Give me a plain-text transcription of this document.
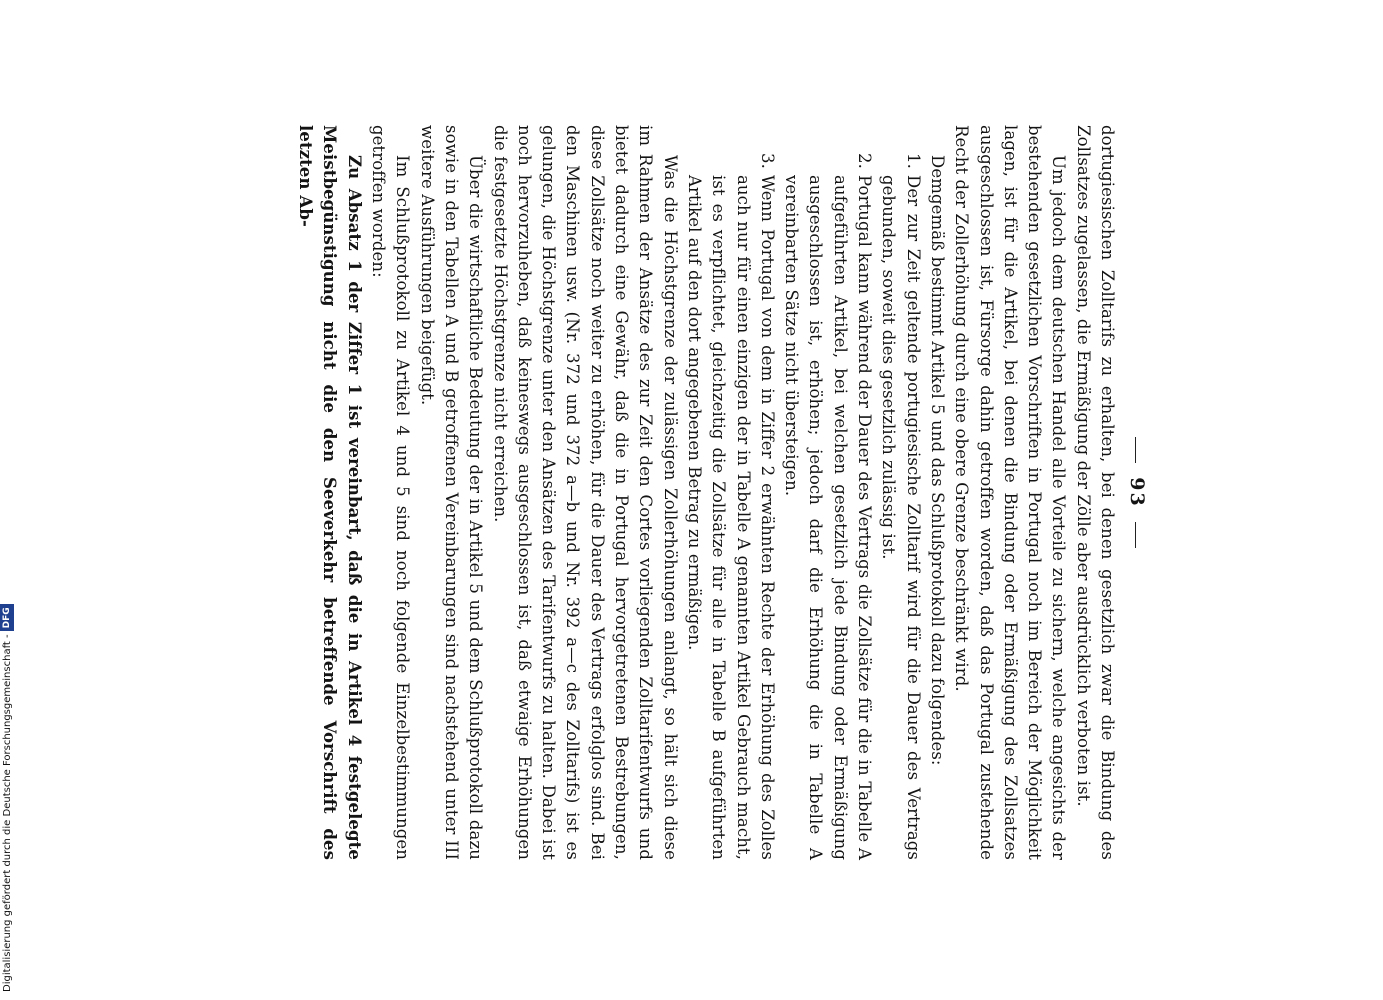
93

dortugiesischen Zolltarifs zu erhalten, bei denen gesetzlich zwar die Bindung des Zollsatzes zugelassen, die Ermäßigung der Zölle aber ausdrücklich verboten ist.

Um jedoch dem deutschen Handel alle Vorteile zu sichern, welche angesichts der bestehenden gesetzlichen Vorschriften in Portugal noch im Bereich der Möglichkeit lagen, ist für die Artikel, bei denen die Bindung oder Ermäßigung des Zollsatzes ausgeschlossen ist, Fürsorge dahin getroffen worden, daß das Portugal zustehende Recht der Zollerhöhung durch eine obere Grenze beschränkt wird.

Demgemäß bestimmt Artikel 5 und das Schlußprotokoll dazu folgendes:

1.Der zur Zeit geltende portugiesische Zolltarif wird für die Dauer des Vertrags gebunden, soweit dies gesetzlich zulässig ist.

2.Portugal kann während der Dauer des Vertrags die Zollsätze für die in Tabelle A aufgeführten Artikel, bei welchen gesetzlich jede Bindung oder Ermäßigung ausgeschlossen ist, erhöhen; jedoch darf die Erhöhung die in Tabelle A vereinbarten Sätze nicht übersteigen.

3.Wenn Portugal von dem in Ziffer 2 erwähnten Rechte der Erhöhung des Zolles auch nur für einen einzigen der in Tabelle A genannten Artikel Gebrauch macht, ist es verpflichtet, gleichzeitig die Zollsätze für alle in Tabelle B aufgeführten Artikel auf den dort angegebenen Betrag zu ermäßigen.

Was die Höchstgrenze der zulässigen Zollerhöhungen anlangt, so hält sich diese im Rahmen der Ansätze des zur Zeit den Cortes vorliegenden Zolltarifentwurfs und bietet dadurch eine Gewähr, daß die in Portugal hervorgetretenen Bestrebungen, diese Zollsätze noch weiter zu erhöhen, für die Dauer des Vertrags erfolglos sind. Bei den Maschinen usw. (Nr. 372 und 372 a—b und Nr. 392 a—c des Zolltarifs) ist es gelungen, die Höchstgrenze unter den Ansätzen des Tarifentwurfs zu halten. Dabei ist noch hervorzuheben, daß keineswegs ausgeschlossen ist, daß etwaige Erhöhungen die festgesetzte Höchstgrenze nicht erreichen.

Über die wirtschaftliche Bedeutung der in Artikel 5 und dem Schlußprotokoll dazu sowie in den Tabellen A und B getroffenen Vereinbarungen sind nachstehend unter III weitere Ausführungen beigefügt.

Im Schlußprotokoll zu Artikel 4 und 5 sind noch folgende Einzelbestimmungen getroffen worden:

Zu Absatz 1 der Ziffer 1 ist vereinbart, daß die in Artikel 4 festgelegte Meistbegünstigung nicht die den Seeverkehr betreffende Vorschrift des letzten Ab-

Digitalisierung gefördert durch die Deutsche Forschungsgemeinschaft -DFG
